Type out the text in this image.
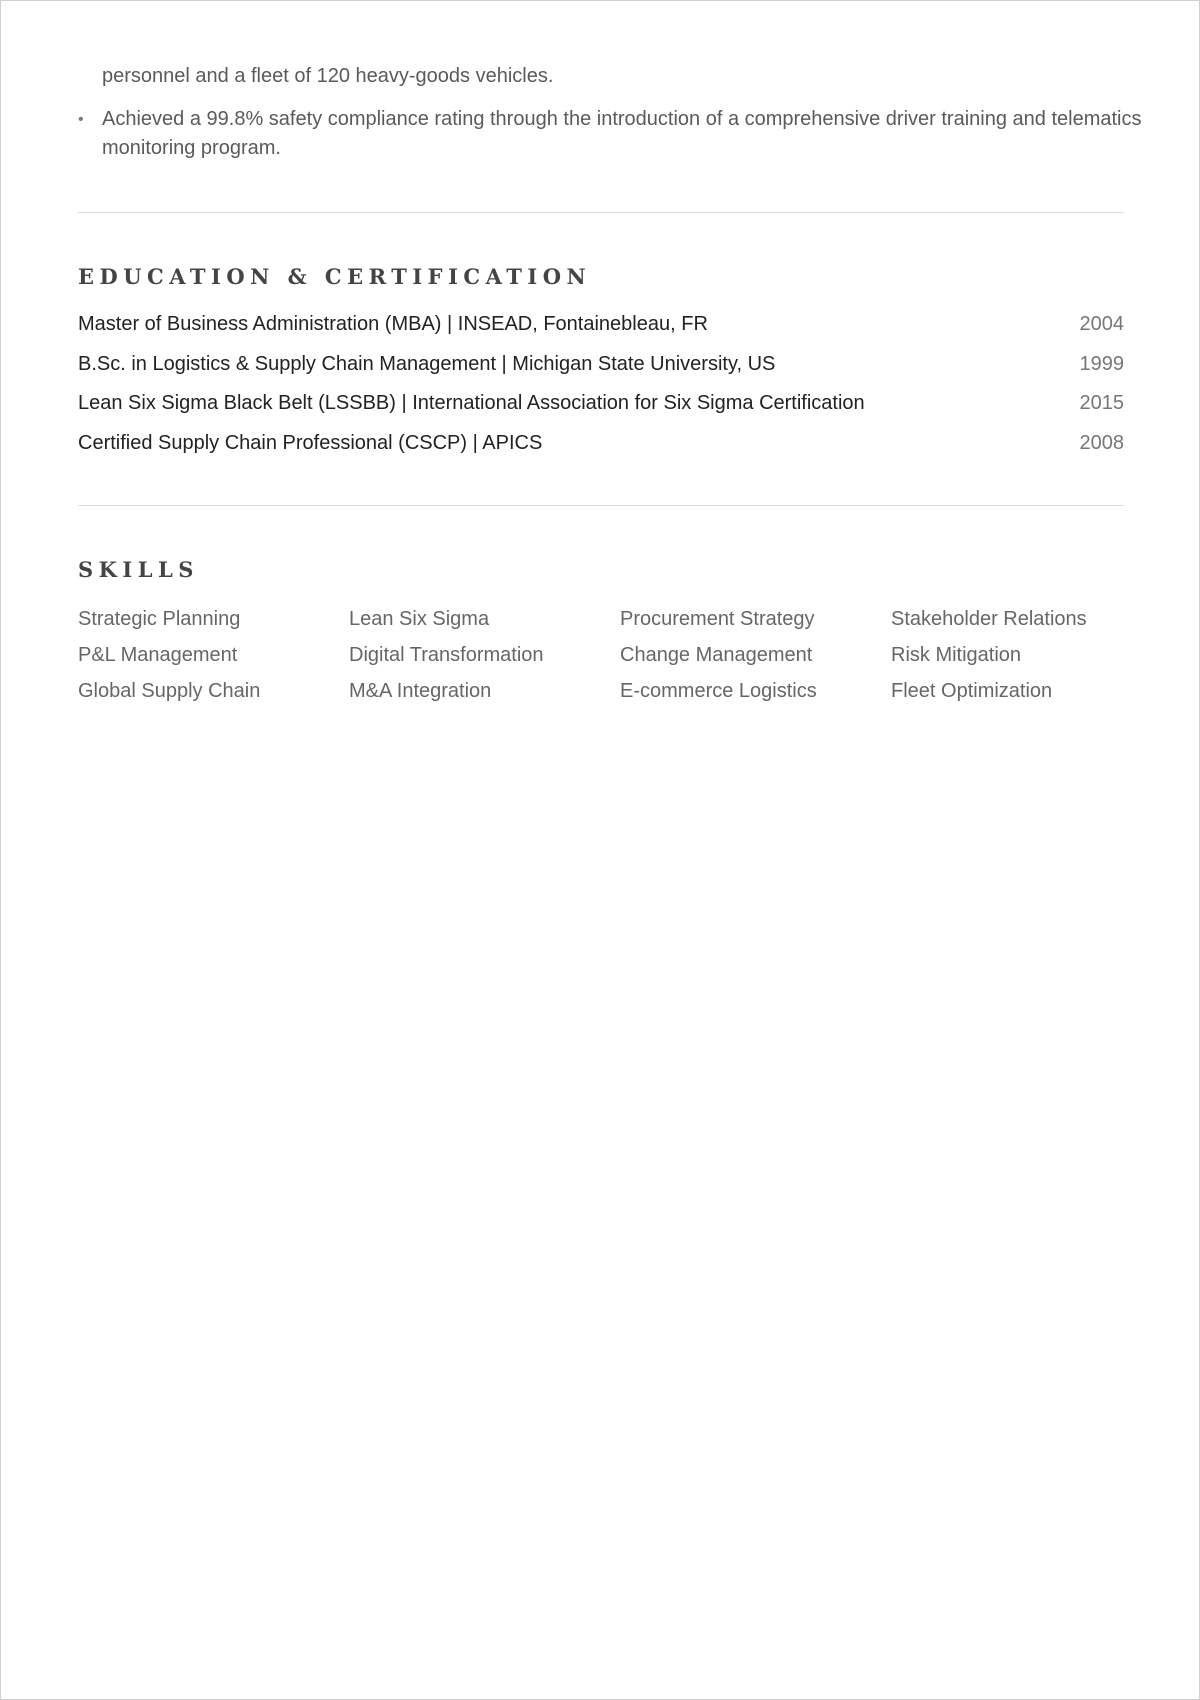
personnel and a fleet of 120 heavy-goods vehicles.
• Achieved a 99.8% safety compliance rating through the introduction of a comprehensive driver training and telematics monitoring program.
EDUCATION & CERTIFICATION
Master of Business Administration (MBA) | INSEAD, Fontainebleau, FR	2004
B.Sc. in Logistics & Supply Chain Management | Michigan State University, US	1999
Lean Six Sigma Black Belt (LSSBB) | International Association for Six Sigma Certification	2015
Certified Supply Chain Professional (CSCP) | APICS	2008
SKILLS
Strategic Planning	Lean Six Sigma	Procurement Strategy	Stakeholder Relations
P&L Management	Digital Transformation	Change Management	Risk Mitigation
Global Supply Chain	M&A Integration	E-commerce Logistics	Fleet Optimization
